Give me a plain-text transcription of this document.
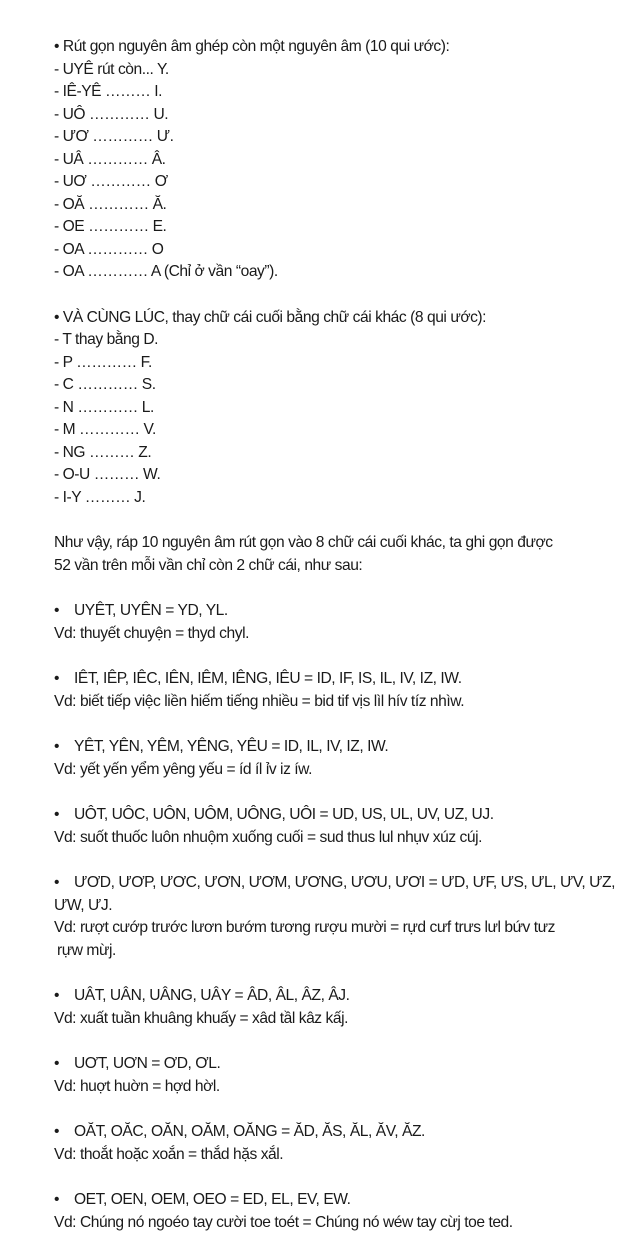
• Rút gọn nguyên âm ghép còn một nguyên âm (10 qui ước):
- UYÊ rút còn... Y.
- IÊ-YÊ ……… I.
- UÔ ………… U.
- ƯƠ ………… Ư.
- UÂ ………… Â.
- UƠ ………… Ơ
- OĂ ………… Ă.
- OE ………… E.
- OA ………… O
- OA ………… A (Chỉ ở vần “oay”).
• VÀ CÙNG LÚC, thay chữ cái cuối bằng chữ cái khác (8 qui ước):
- T thay bằng D.
- P ………… F.
- C ………… S.
- N ………… L.
- M ………… V.
- NG ……… Z.
- O-U ……… W.
- I-Y ……… J.
Như vậy, ráp 10 nguyên âm rút gọn vào 8 chữ cái cuối khác, ta ghi gọn được
52 vần trên mỗi vần chỉ còn 2 chữ cái, như sau:
• UYÊT, UYÊN = YD, YL.
Vd: thuyết chuyện = thyd chyl.
• IÊT, IÊP, IÊC, IÊN, IÊM, IÊNG, IÊU = ID, IF, IS, IL, IV, IZ, IW.
Vd: biết tiếp việc liền hiếm tiếng nhiều = bid tif vịs lìl hív tíz nhìw.
• YÊT, YÊN, YÊM, YÊNG, YÊU = ID, IL, IV, IZ, IW.
Vd: yết yến yểm yêng yếu = íd íl ỉv iz íw.
• UÔT, UÔC, UÔN, UÔM, UÔNG, UÔI = UD, US, UL, UV, UZ, UJ.
Vd: suốt thuốc luôn nhuộm xuống cuối = sud thus lul nhụv xúz cúj.
• ƯƠD, ƯƠP, ƯƠC, ƯƠN, ƯƠM, ƯƠNG, ƯƠU, ƯƠI = ƯD, ƯF, ƯS, ƯL, ƯV, ƯZ,
ƯW, ƯJ.
Vd: rượt cướp trước lươn bướm tương rượu mười = rựd cưf trưs lưl bứv tưz
rựw mừj.
• UÂT, UÂN, UÂNG, UÂY = ÂD, ÂL, ÂZ, ÂJ.
Vd: xuất tuần khuâng khuấy = xâd tầl kâz kấj.
• UƠT, UƠN = ƠD, ƠL.
Vd: huợt huờn = hợd hờl.
• OĂT, OĂC, OĂN, OĂM, OĂNG = ĂD, ĂS, ĂL, ĂV, ĂZ.
Vd: thoắt hoặc xoắn = thắd hặs xắl.
• OET, OEN, OEM, OEO = ED, EL, EV, EW.
Vd: Chúng nó ngoéo tay cười toe toét = Chúng nó wéw tay cừj toe ted.
